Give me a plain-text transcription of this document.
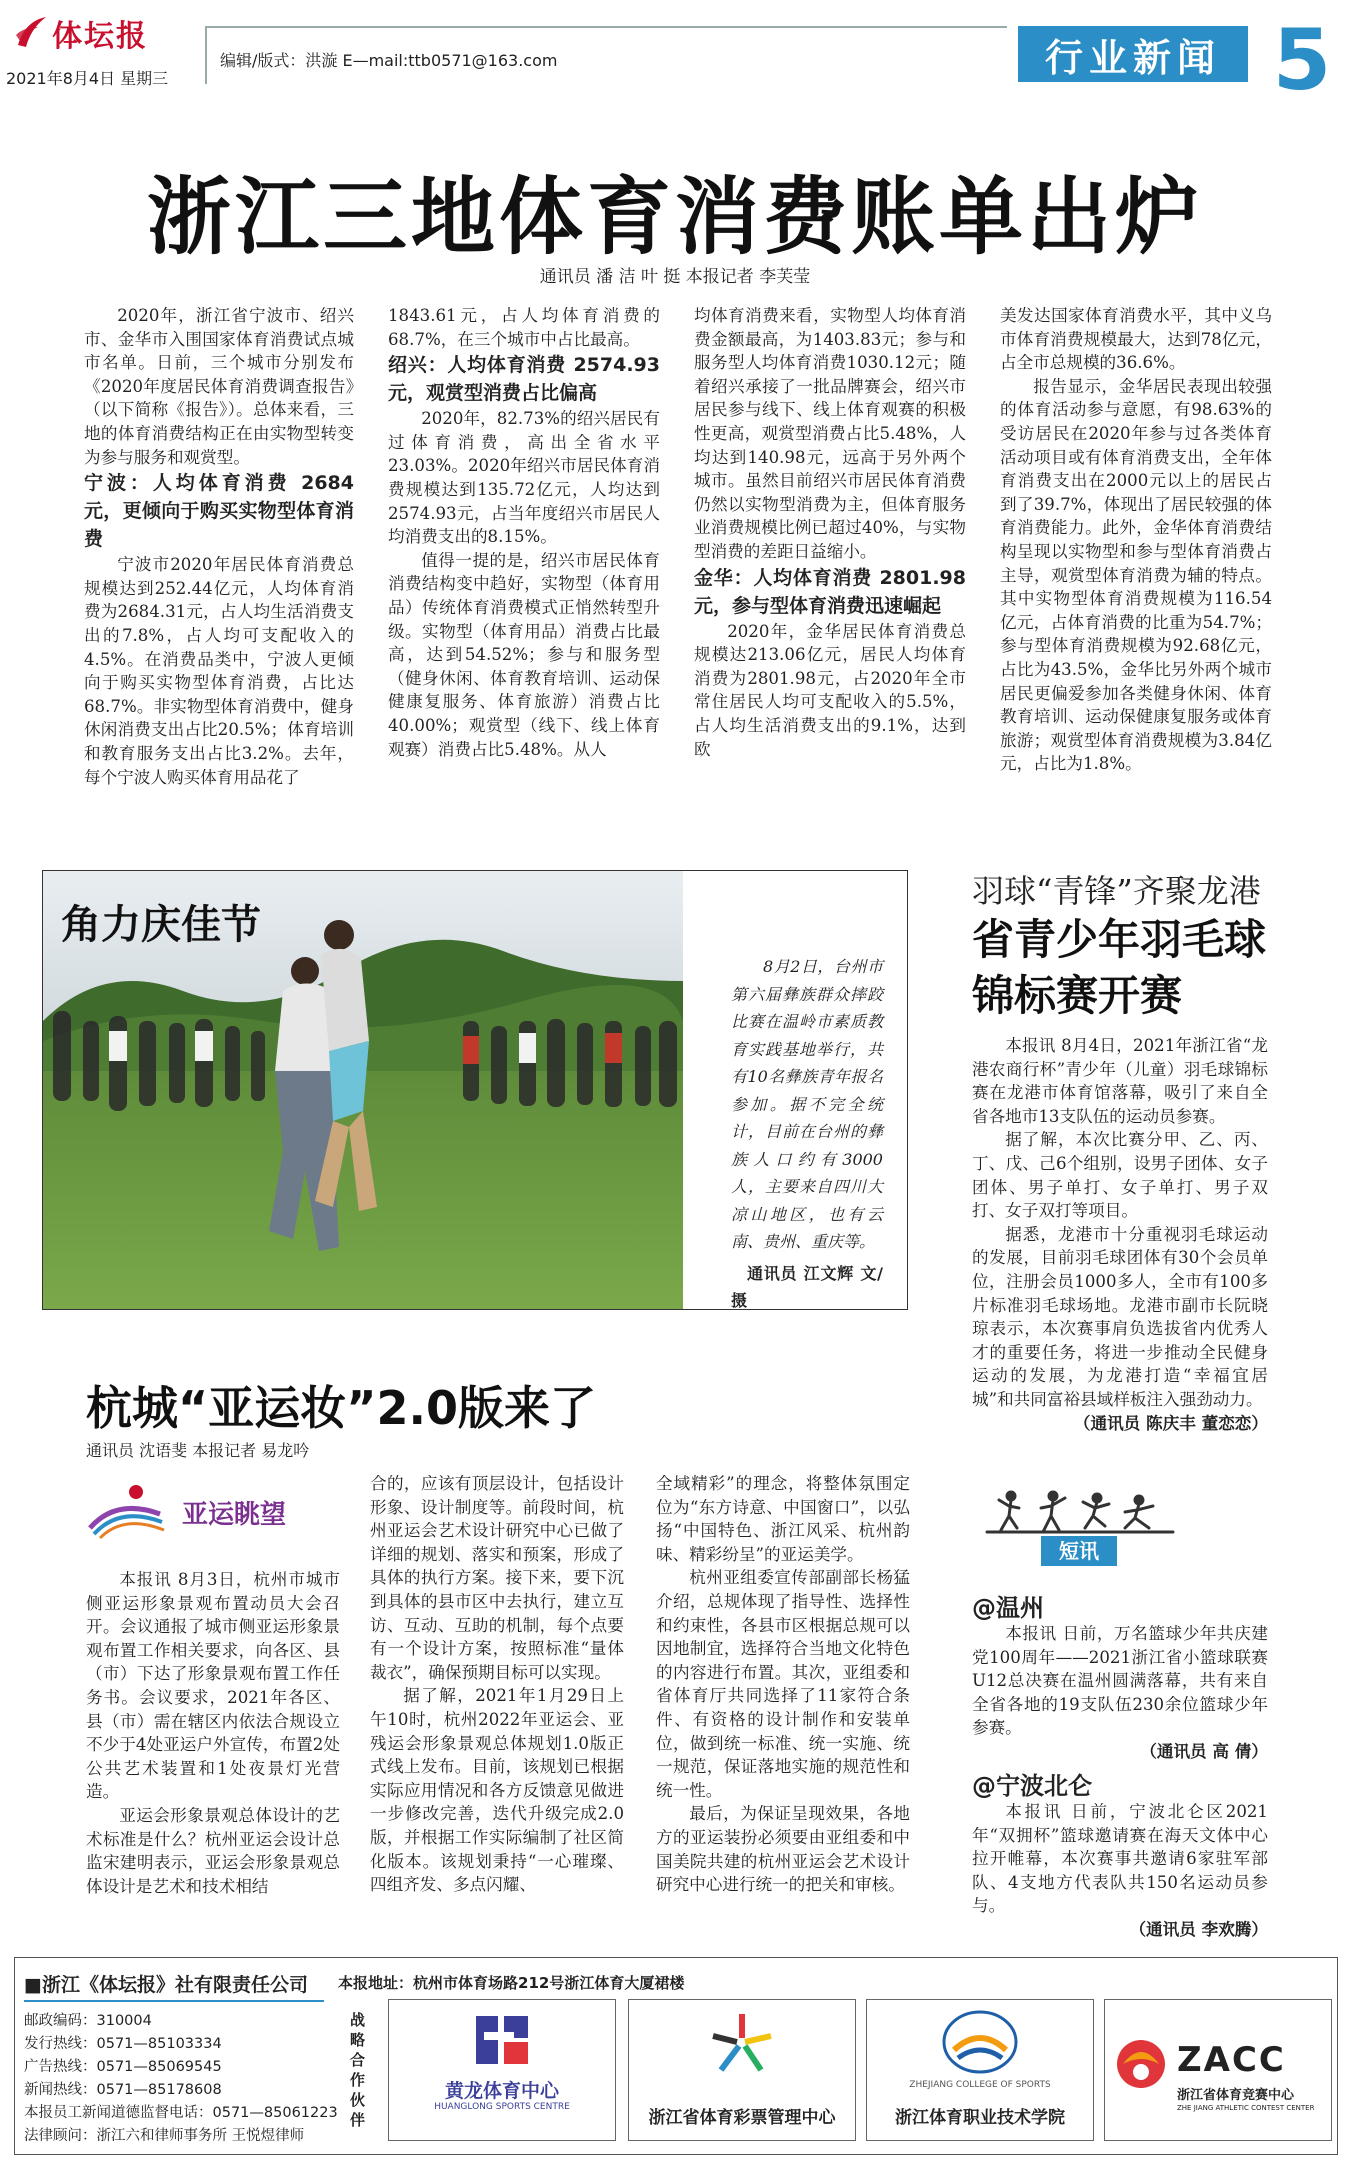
体坛报
2021年8月4日 星期三
编辑/版式：洪漩 E—mail:ttb0571@163.com	行业新闻 5
浙江三地体育消费账单出炉
通讯员 潘 洁 叶 挺 本报记者 李芙莹

2020年，浙江省宁波市、绍兴市、金华市入围国家体育消费试点城市名单。日前，三个城市分别发布《2020年度居民体育消费调查报告》（以下简称《报告》）。总体来看，三地的体育消费结构正在由实物型转变为参与服务和观赏型。

宁波：人均体育消费 2684 元，更倾向于购买实物型体育消费

宁波市2020年居民体育消费总规模达到252.44亿元，人均体育消费为2684.31元，占人均生活消费支出的7.8%，占人均可支配收入的4.5%。在消费品类中，宁波人更倾向于购买实物型体育消费，占比达68.7%。非实物型体育消费中，健身休闲消费支出占比20.5%；体育培训和教育服务支出占比3.2%。去年，每个宁波人购买体育用品花了

1843.61元，占人均体育消费的68.7%，在三个城市中占比最高。

绍兴：人均体育消费 2574.93 元，观赏型消费占比偏高

2020年，82.73%的绍兴居民有过体育消费，高出全省水平23.03%。2020年绍兴市居民体育消费规模达到135.72亿元，人均达到2574.93元，占当年度绍兴市居民人均消费支出的8.15%。

值得一提的是，绍兴市居民体育消费结构变中趋好，实物型（体育用品）传统体育消费模式正悄然转型升级。实物型（体育用品）消费占比最高，达到54.52%；参与和服务型（健身休闲、体育教育培训、运动保健康复服务、体育旅游）消费占比40.00%；观赏型（线下、线上体育观赛）消费占比5.48%。从人

均体育消费来看，实物型人均体育消费金额最高，为1403.83元；参与和服务型人均体育消费1030.12元；随着绍兴承接了一批品牌赛会，绍兴市居民参与线下、线上体育观赛的积极性更高，观赏型消费占比5.48%，人均达到140.98元，远高于另外两个城市。虽然目前绍兴市居民体育消费仍然以实物型消费为主，但体育服务业消费规模比例已超过40%，与实物型消费的差距日益缩小。

金华：人均体育消费 2801.98 元，参与型体育消费迅速崛起

2020年，金华居民体育消费总规模达213.06亿元，居民人均体育消费为2801.98元，占2020年全市常住居民人均可支配收入的5.5%，占人均生活消费支出的9.1%，达到欧

美发达国家体育消费水平，其中义乌市体育消费规模最大，达到78亿元，占全市总规模的36.6%。

报告显示，金华居民表现出较强的体育活动参与意愿，有98.63%的受访居民在2020年参与过各类体育活动项目或有体育消费支出，全年体育消费支出在2000元以上的居民占到了39.7%，体现出了居民较强的体育消费能力。此外，金华体育消费结构呈现以实物型和参与型体育消费占主导，观赏型体育消费为辅的特点。其中实物型体育消费规模为116.54亿元，占体育消费的比重为54.7%；参与型体育消费规模为92.68亿元，占比为43.5%，金华比另外两个城市居民更偏爱参加各类健身休闲、体育教育培训、运动保健康复服务或体育旅游；观赏型体育消费规模为3.84亿元，占比为1.8%。

角力庆佳节
8月2日，台州市第六届彝族群众摔跤比赛在温岭市素质教育实践基地举行，共有10名彝族青年报名参加。据不完全统计，目前在台州的彝族人口约有3000人，主要来自四川大凉山地区，也有云南、贵州、重庆等。
通讯员 江文辉 文/摄
羽球“青锋”齐聚龙港
省青少年羽毛球
锦标赛开赛

本报讯 8月4日，2021年浙江省“龙港农商行杯”青少年（儿童）羽毛球锦标赛在龙港市体育馆落幕，吸引了来自全省各地市13支队伍的运动员参赛。

据了解，本次比赛分甲、乙、丙、丁、戊、己6个组别，设男子团体、女子团体、男子单打、女子单打、男子双打、女子双打等项目。

据悉，龙港市十分重视羽毛球运动的发展，目前羽毛球团体有30个会员单位，注册会员1000多人，全市有100多片标准羽毛球场地。龙港市副市长阮晓琼表示，本次赛事肩负选拔省内优秀人才的重要任务，将进一步推动全民健身运动的发展，为龙港打造“幸福宜居城”和共同富裕县域样板注入强劲动力。

（通讯员 陈庆丰 董恋恋）

杭城“亚运妆”2.0版来了
通讯员 沈语斐 本报记者 易龙吟
亚运眺望

本报讯 8月3日，杭州市城市侧亚运形象景观布置动员大会召开。会议通报了城市侧亚运形象景观布置工作相关要求，向各区、县（市）下达了形象景观布置工作任务书。会议要求，2021年各区、县（市）需在辖区内依法合规设立不少于4处亚运户外宣传，布置2处公共艺术装置和1处夜景灯光营造。

亚运会形象景观总体设计的艺术标准是什么？杭州亚运会设计总监宋建明表示，亚运会形象景观总体设计是艺术和技术相结

合的，应该有顶层设计，包括设计形象、设计制度等。前段时间，杭州亚运会艺术设计研究中心已做了详细的规划、落实和预案，形成了具体的执行方案。接下来，要下沉到具体的县市区中去执行，建立互访、互动、互助的机制，每个点要有一个设计方案，按照标准“量体裁衣”，确保预期目标可以实现。

据了解，2021年1月29日上午10时，杭州2022年亚运会、亚残运会形象景观总体规划1.0版正式线上发布。目前，该规划已根据实际应用情况和各方反馈意见做进一步修改完善，迭代升级完成2.0版，并根据工作实际编制了社区简化版本。该规划秉持“一心璀璨、四组齐发、多点闪耀、

全域精彩”的理念，将整体氛围定位为“东方诗意、中国窗口”，以弘扬“中国特色、浙江风采、杭州韵味、精彩纷呈”的亚运美学。

杭州亚组委宣传部副部长杨猛介绍，总规体现了指导性、选择性和约束性，各县市区根据总规可以因地制宜，选择符合当地文化特色的内容进行布置。其次，亚组委和省体育厅共同选择了11家符合条件、有资格的设计制作和安装单位，做到统一标准、统一实施、统一规范，保证落地实施的规范性和统一性。

最后，为保证呈现效果，各地方的亚运装扮必须要由亚组委和中国美院共建的杭州亚运会艺术设计研究中心进行统一的把关和审核。

短讯
@温州

本报讯 日前，万名篮球少年共庆建党100周年——2021浙江省小篮球联赛U12总决赛在温州圆满落幕，共有来自全省各地的19支队伍230余位篮球少年参赛。

（通讯员 高 倩）

@宁波北仑

本报讯 日前，宁波北仑区2021年“双拥杯”篮球邀请赛在海天文体中心拉开帷幕，本次赛事共邀请6家驻军部队、4支地方代表队共150名运动员参与。

（通讯员 李欢腾）

■浙江《体坛报》社有限责任公司 本报地址：杭州市体育场路212号浙江体育大厦裙楼
邮政编码：310004
发行热线：0571—85103334
广告热线：0571—85069545
新闻热线：0571—85178608
本报员工新闻道德监督电话：0571—85061223
法律顾问：浙江六和律师事务所 王悦煜律师
战略合作伙伴
黄龙体育中心
HUANGLONG SPORTS CENTRE
浙江省体育彩票管理中心
ZHEJIANG COLLEGE OF SPORTS
浙江体育职业技术学院
ZACC
浙江省体育竞赛中心
ZHE JIANG ATHLETIC CONTEST CENTER
